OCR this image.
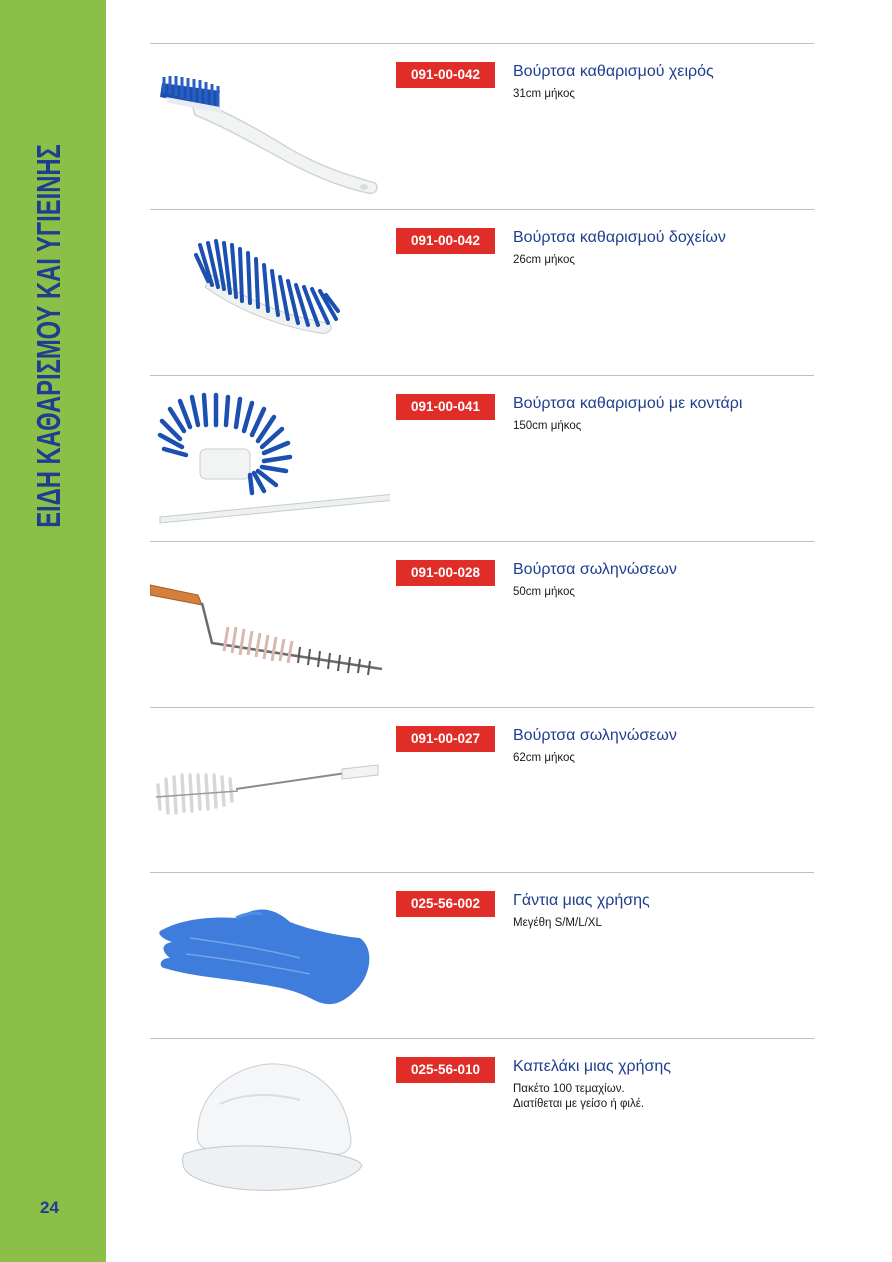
ΕΙΔΗ ΚΑΘΑΡΙΣΜΟΥ ΚΑΙ ΥΓΙΕΙΝΗΣ
24
091-00-042	Βούρτσα καθαρισμού χειρός
31cm μήκος
091-00-042	Βούρτσα καθαρισμού δοχείων
26cm μήκος
091-00-041	Βούρτσα καθαρισμού με κοντάρι
150cm μήκος
091-00-028	Βούρτσα σωληνώσεων
50cm μήκος
091-00-027	Βούρτσα σωληνώσεων
62cm μήκος
025-56-002	Γάντια μιας χρήσης
Μεγέθη S/M/L/XL
025-56-010	Καπελάκι μιας χρήσης
Πακέτο 100 τεμαχίων.
Διατίθεται με γείσο ή φιλέ.
